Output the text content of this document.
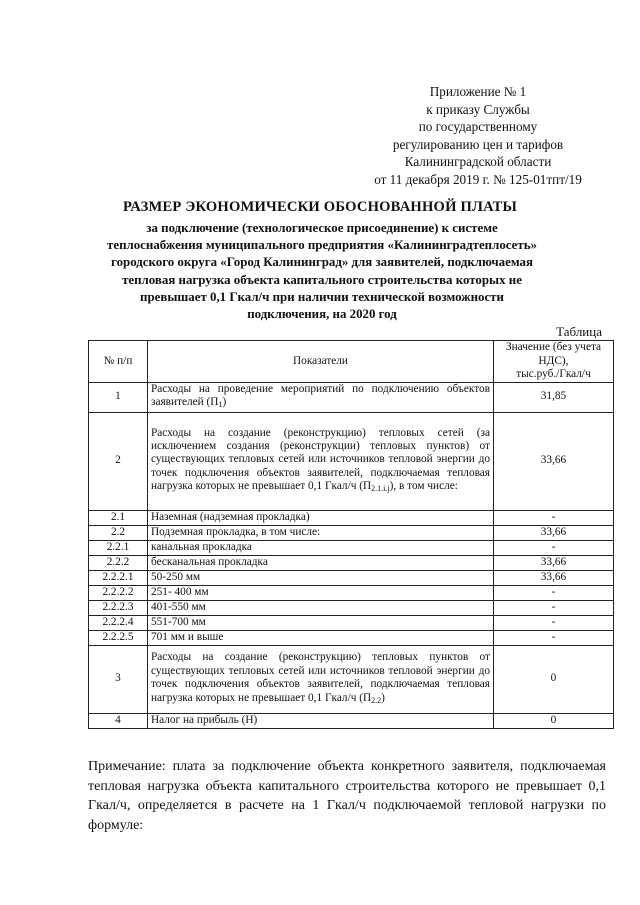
Приложение № 1
к приказу Службы
по государственному
регулированию цен и тарифов
Калининградской области
от 11 декабря 2019 г. № 125-01тпт/19
РАЗМЕР ЭКОНОМИЧЕСКИ ОБОСНОВАННОЙ ПЛАТЫ
за подключение (технологическое присоединение) к системе
теплоснабжения муниципального предприятия «Калининградтеплосеть»
городского округа «Город Калининград» для заявителей, подключаемая
тепловая нагрузка объекта капитального строительства которых не
превышает 0,1 Гкал/ч при наличии технической возможности
подключения, на 2020 год
Таблица
№ п/п	Показатели	Значение (без учета
НДС),
тыс.руб./Гкал/ч

1	Расходы на проведение мероприятий по подключению объектов заявителей $(П_1)$	31,85
2	Расходы на создание (реконструкцию) тепловых сетей (за исключением создания (реконструкции) тепловых пунктов) от существующих тепловых сетей или источников тепловой энергии до точек подключения объектов заявителей, подключаемая тепловая нагрузка которых не превышает 0,1 Гкал/ч $(П_{2.1.i.j})$, в том числе:	33,66
2.1	Наземная (надземная прокладка)	-
2.2	Подземная прокладка, в том числе:	33,66
2.2.1	канальная прокладка	-
2.2.2	бесканальная прокладка	33,66
2.2.2.1	50-250 мм	33,66
2.2.2.2	251- 400 мм	-
2.2.2.3	401-550 мм	-
2.2.2.4	551-700 мм	-
2.2.2.5	701 мм и выше	-
3	Расходы на создание (реконструкцию) тепловых пунктов от существующих тепловых сетей или источников тепловой энергии до точек подключения объектов заявителей, подключаемая тепловая нагрузка которых не превышает 0,1 Гкал/ч $(П_{2.2})$	0
4	Налог на прибыль (Н)	0
Примечание: плата за подключение объекта конкретного заявителя, подключаемая тепловая нагрузка объекта капитального строительства которого не превышает 0,1 Гкал/ч, определяется в расчете на 1 Гкал/ч подключаемой тепловой нагрузки по формуле:
